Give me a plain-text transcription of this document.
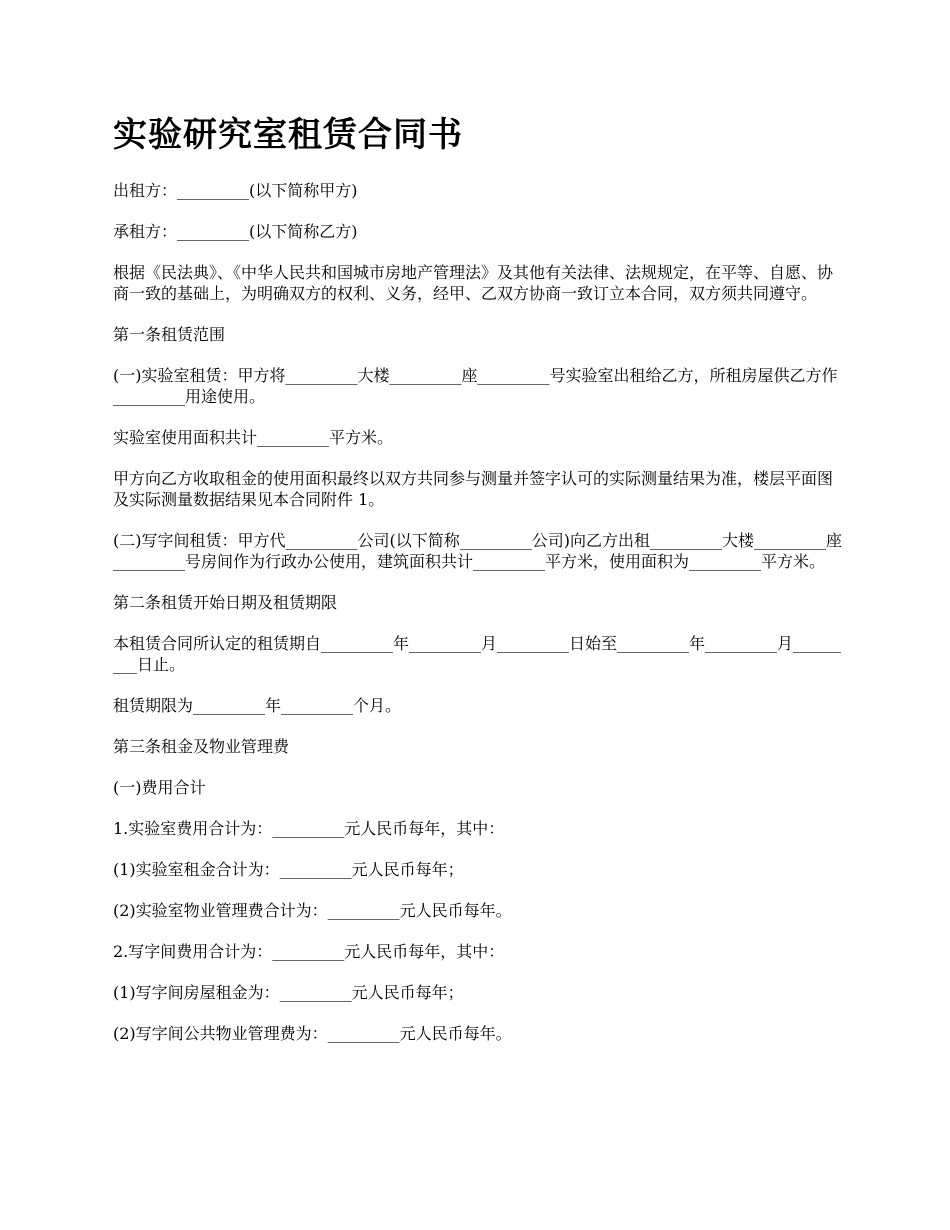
实验研究室租赁合同书

出租方：_________(以下简称甲方)

承租方：_________(以下简称乙方)

根据《民法典》、《中华人民共和国城市房地产管理法》及其他有关法律、法规规定，在平等、自愿、协商一致的基础上，为明确双方的权利、义务，经甲、乙双方协商一致订立本合同，双方须共同遵守。

第一条租赁范围

(一)实验室租赁：甲方将_________大楼_________座_________号实验室出租给乙方，所租房屋供乙方作_________用途使用。

实验室使用面积共计_________平方米。

甲方向乙方收取租金的使用面积最终以双方共同参与测量并签字认可的实际测量结果为准，楼层平面图及实际测量数据结果见本合同附件 1。

(二)写字间租赁：甲方代_________公司(以下简称_________公司)向乙方出租_________大楼_________座_________号房间作为行政办公使用，建筑面积共计_________平方米，使用面积为_________平方米。

第二条租赁开始日期及租赁期限

本租赁合同所认定的租赁期自_________年_________月_________日始至_________年_________月_________日止。

租赁期限为_________年_________个月。

第三条租金及物业管理费

(一)费用合计

1.实验室费用合计为：_________元人民币每年，其中：

(1)实验室租金合计为：_________元人民币每年；

(2)实验室物业管理费合计为：_________元人民币每年。

2.写字间费用合计为：_________元人民币每年，其中：

(1)写字间房屋租金为：_________元人民币每年；

(2)写字间公共物业管理费为：_________元人民币每年。
